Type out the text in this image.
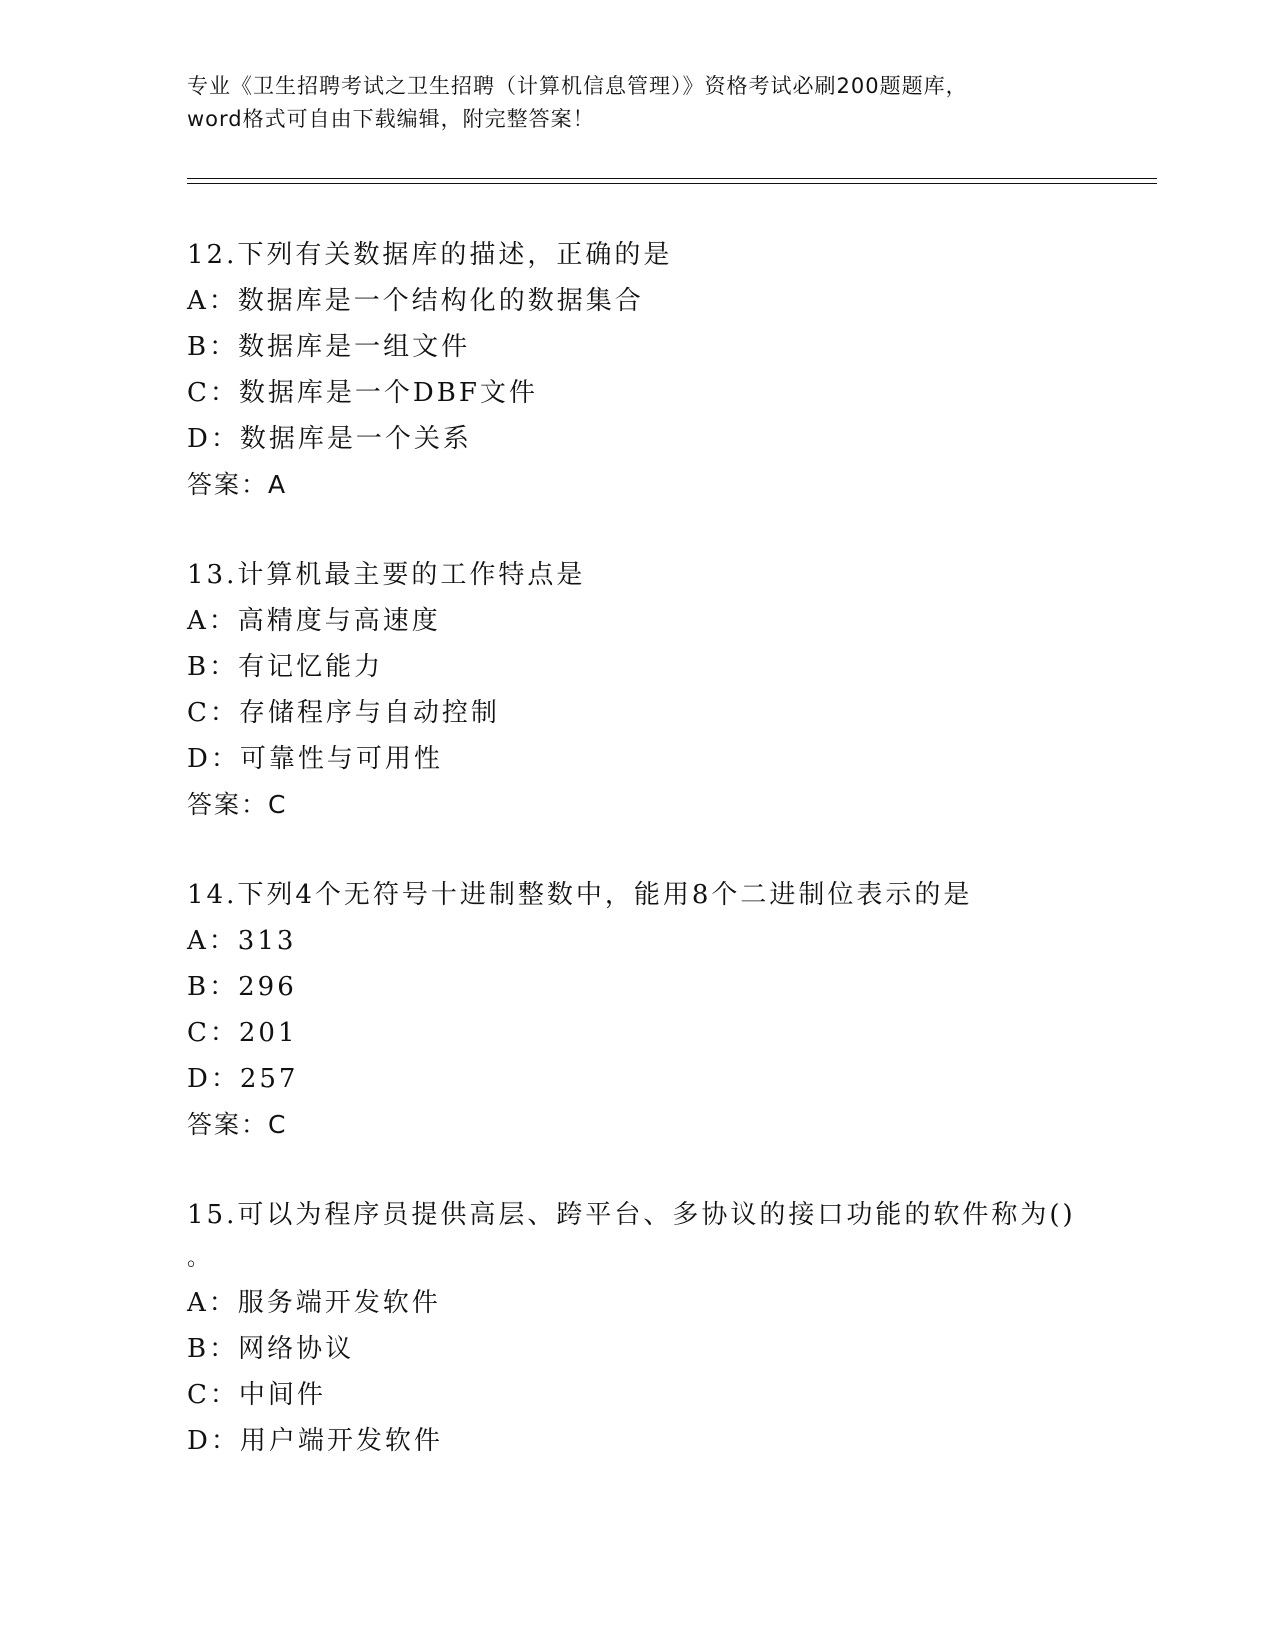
专业《卫生招聘考试之卫生招聘（计算机信息管理）》资格考试必刷200题题库，
word格式可自由下载编辑，附完整答案！
12.下列有关数据库的描述，正确的是
A：数据库是一个结构化的数据集合
B：数据库是一组文件
C：数据库是一个DBF文件
D：数据库是一个关系
答案：A
13.计算机最主要的工作特点是
A：高精度与高速度
B：有记忆能力
C：存储程序与自动控制
D：可靠性与可用性
答案：C
14.下列4个无符号十进制整数中，能用8个二进制位表示的是
A：313
B：296
C：201
D：257
答案：C
15.可以为程序员提供高层、跨平台、多协议的接口功能的软件称为()
。
A：服务端开发软件
B：网络协议
C：中间件
D：用户端开发软件
